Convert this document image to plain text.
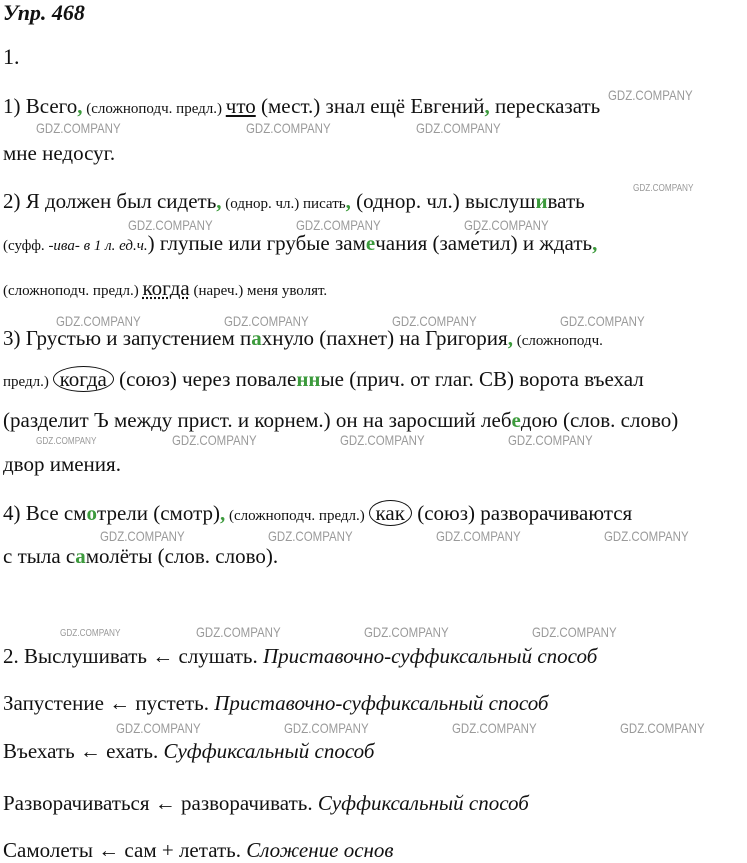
Упр. 468
1.
1) Всего, (сложноподч. предл.) что (мест.) знал ещё Евгений, пересказать
мне недосуг.
2) Я должен был сидеть, (однор. чл.) писать, (однор. чл.) выслушивать
(суфф. -ива- в 1 л. ед.ч.) глупые или грубые замечания (заме́тил) и ждать,
(сложноподч. предл.) когда (нареч.) меня уволят.
3) Грустью и запустением пахнуло (пахнет) на Григория, (сложноподч.
предл.) когда (союз) через поваленные (прич. от глаг. СВ) ворота въехал
(разделит Ъ между прист. и корнем.) он на заросший лебедою (слов. слово)
двор имения.
4) Все смотрели (смотр), (сложноподч. предл.) как (союз) разворачиваются
с тыла самолёты (слов. слово).
2. Выслушивать ← слушать. Приставочно-суффиксальный способ
Запустение ← пустеть. Приставочно-суффиксальный способ
Въехать ← ехать. Суффиксальный способ
Разворачиваться ← разворачивать. Суффиксальный способ
Самолеты ← сам + летать. Сложение основ
GDZ.COMPANY
GDZ.COMPANY	GDZ.COMPANY	GDZ.COMPANY
GDZ.COMPANY
GDZ.COMPANY	GDZ.COMPANY	GDZ.COMPANY
GDZ.COMPANY	GDZ.COMPANY	GDZ.COMPANY	GDZ.COMPANY
GDZ.COMPANY	GDZ.COMPANY	GDZ.COMPANY	GDZ.COMPANY
GDZ.COMPANY	GDZ.COMPANY	GDZ.COMPANY	GDZ.COMPANY
GDZ.COMPANY	GDZ.COMPANY	GDZ.COMPANY	GDZ.COMPANY
GDZ.COMPANY	GDZ.COMPANY	GDZ.COMPANY	GDZ.COMPANY
